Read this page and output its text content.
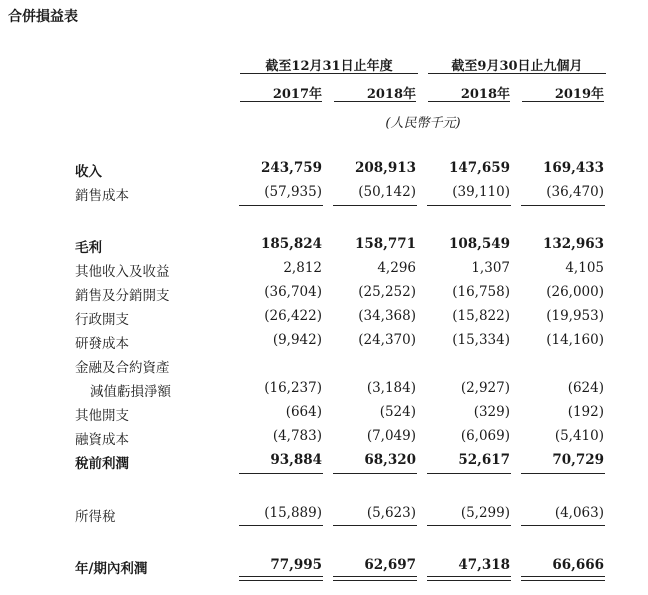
合併損益表
截至12月31日止年度	截至9月30日止九個月
2017年	2018年	2018年	2019年
(人民幣千元)
收入	243,759	208,913	147,659	169,433
銷售成本	(57,935)	(50,142)	(39,110)	(36,470)
毛利	185,824	158,771	108,549	132,963
其他收入及收益	2,812	4,296	1,307	4,105
銷售及分銷開支	(36,704)	(25,252)	(16,758)	(26,000)
行政開支	(26,422)	(34,368)	(15,822)	(19,953)
研發成本	(9,942)	(24,370)	(15,334)	(14,160)
金融及合約資產
減值虧損淨額	(16,237)	(3,184)	(2,927)	(624)
其他開支	(664)	(524)	(329)	(192)
融資成本	(4,783)	(7,049)	(6,069)	(5,410)
稅前利潤	93,884	68,320	52,617	70,729
所得稅	(15,889)	(5,623)	(5,299)	(4,063)
年/期內利潤	77,995	62,697	47,318	66,666
